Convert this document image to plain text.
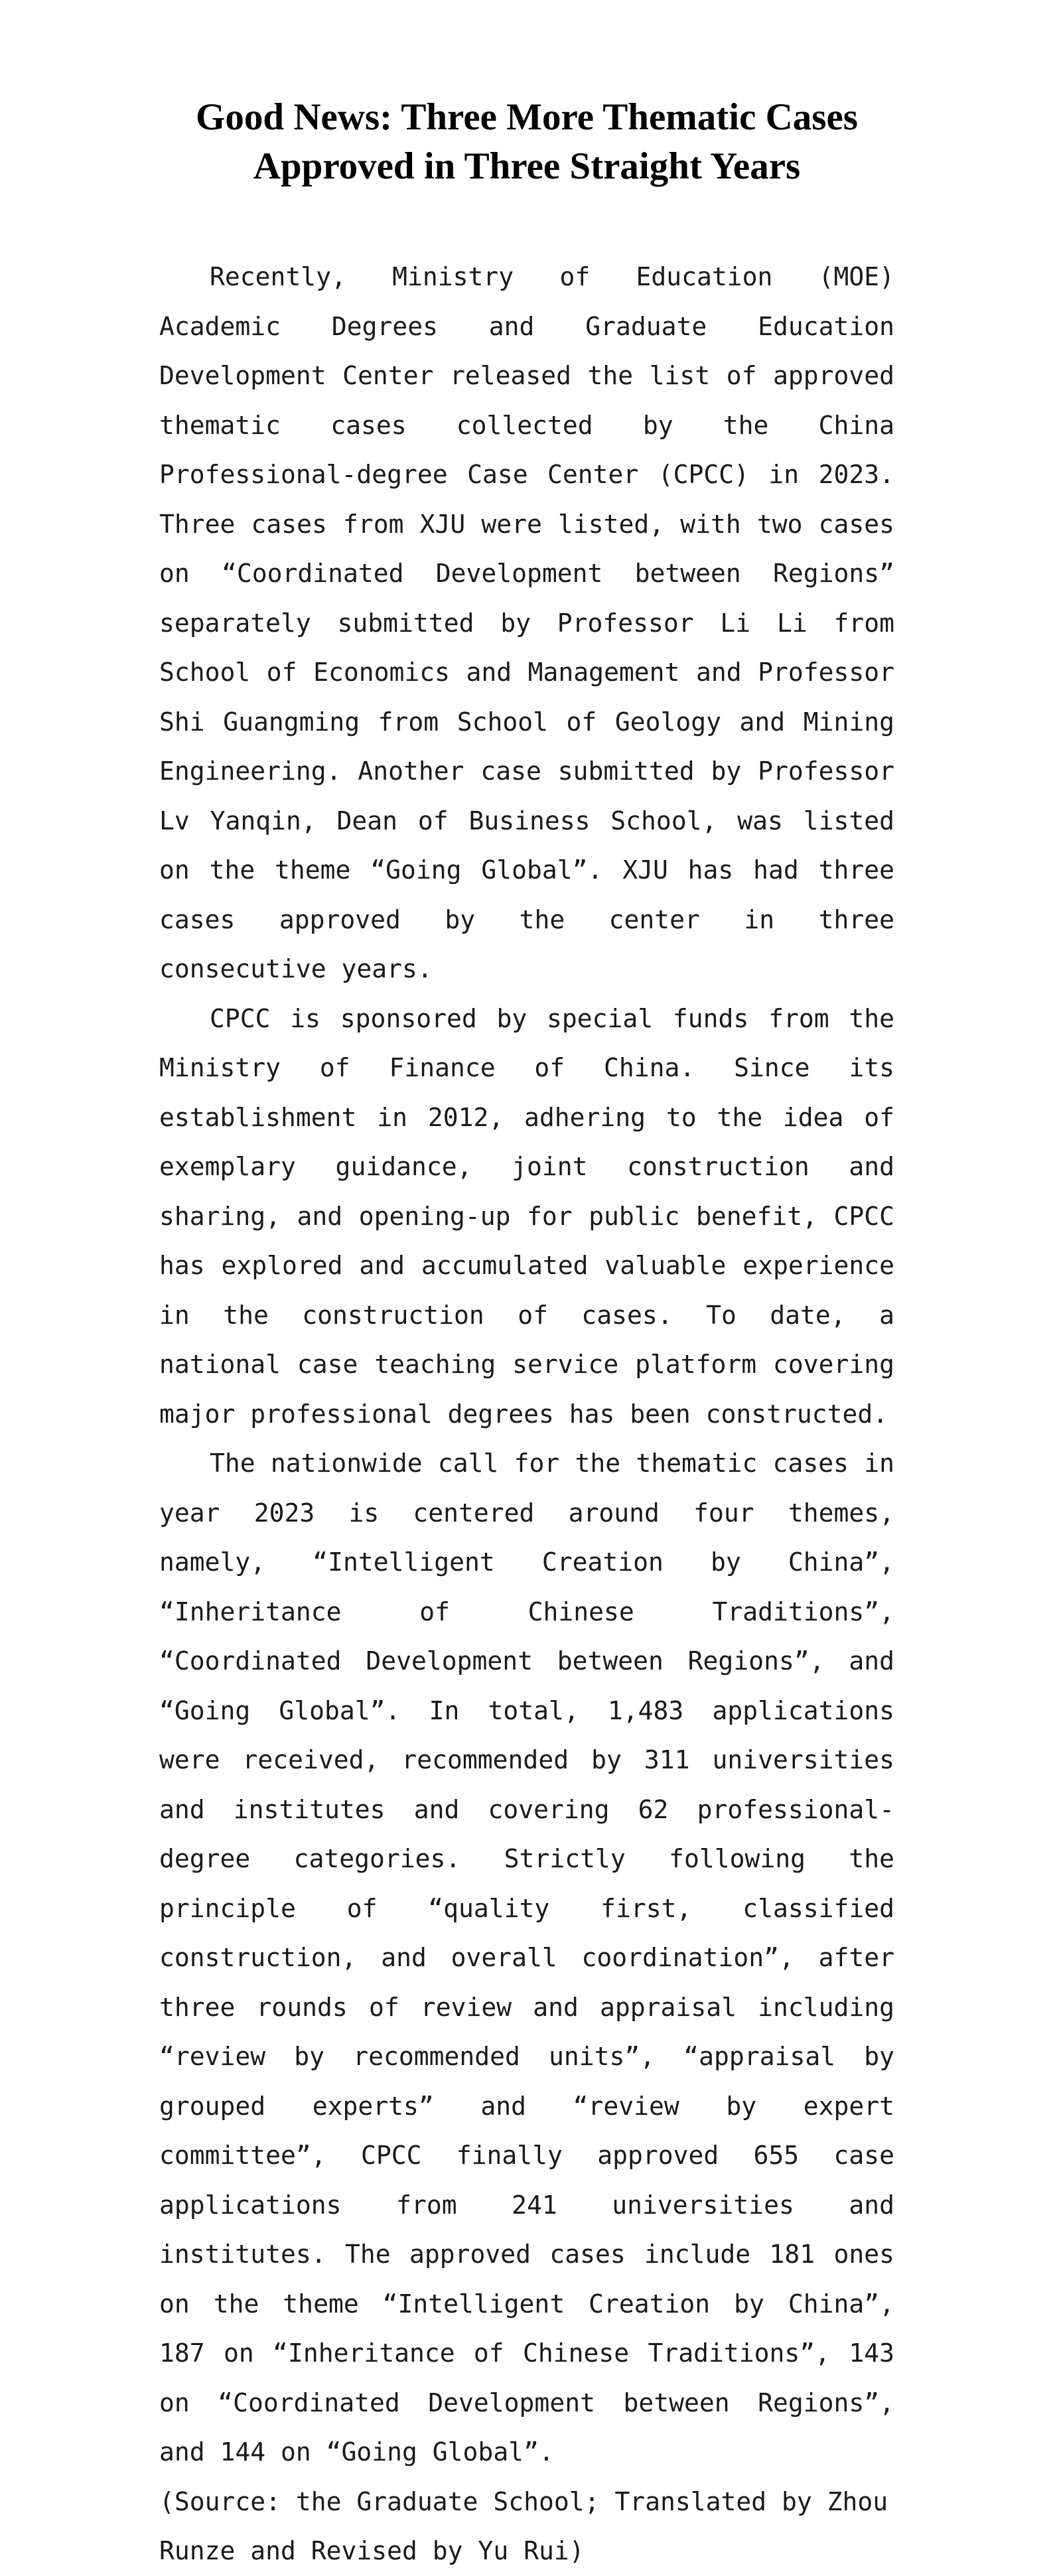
Good News: Three More Thematic Cases
Approved in Three Straight Years

Recently, Ministry of Education (MOE) Academic Degrees and Graduate Education Development Center released the list of approved thematic cases collected by the China Professional-degree Case Center (CPCC) in 2023. Three cases from XJU were listed, with two cases on “Coordinated Development between Regions” separately submitted by Professor Li Li from School of Economics and Management and Professor Shi Guangming from School of Geology and Mining Engineering. Another case submitted by Professor Lv Yanqin, Dean of Business School, was listed on the theme “Going Global”. XJU has had three cases approved by the center in three consecutive years.

CPCC is sponsored by special funds from the Ministry of Finance of China. Since its establishment in 2012, adhering to the idea of exemplary guidance, joint construction and sharing, and opening-up for public benefit, CPCC has explored and accumulated valuable experience in the construction of cases. To date, a national case teaching service platform covering major professional degrees has been constructed.

The nationwide call for the thematic cases in year 2023 is centered around four themes, namely, “Intelligent Creation by China”, “Inheritance of Chinese Traditions”, “Coordinated Development between Regions”, and “Going Global”. In total, 1,483 applications were received, recommended by 311 universities and institutes and covering 62 professional-degree categories. Strictly following the principle of “quality first, classified construction, and overall coordination”, after three rounds of review and appraisal including “review by recommended units”, “appraisal by grouped experts” and “review by expert committee”, CPCC finally approved 655 case applications from 241 universities and institutes. The approved cases include 181 ones on the theme “Intelligent Creation by China”, 187 on “Inheritance of Chinese Traditions”, 143 on “Coordinated Development between Regions”, and 144 on “Going Global”.

(Source: the Graduate School; Translated by Zhou Runze and Revised by Yu Rui)
